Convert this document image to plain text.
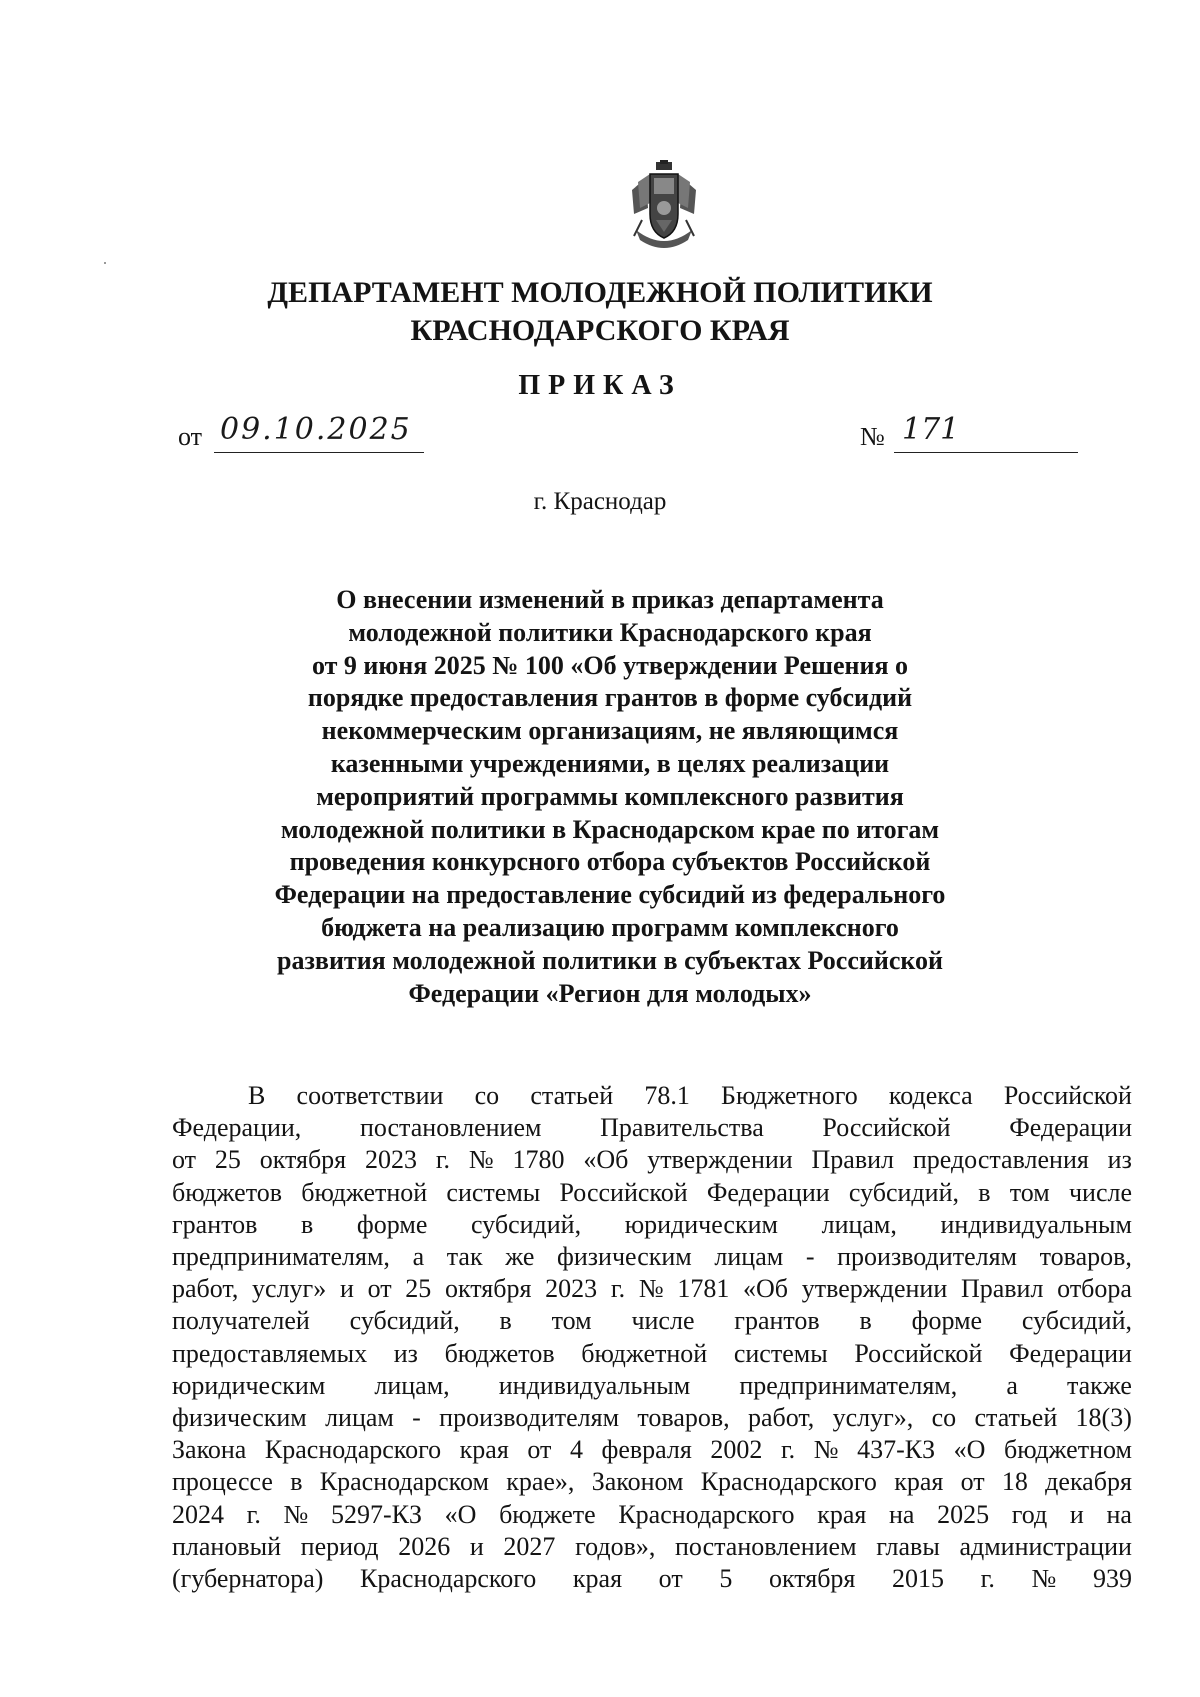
ДЕПАРТАМЕНТ МОЛОДЕЖНОЙ ПОЛИТИКИ
КРАСНОДАРСКОГО КРАЯ
ПРИКАЗ
от 09.10.2025	№ 171
г. Краснодар
О внесении изменений в приказ департамента
молодежной политики Краснодарского края
от 9 июня 2025 № 100 «Об утверждении Решения о
порядке предоставления грантов в форме субсидий
некоммерческим организациям, не являющимся
казенными учреждениями, в целях реализации
мероприятий программы комплексного развития
молодежной политики в Краснодарском крае по итогам
проведения конкурсного отбора субъектов Российской
Федерации на предоставление субсидий из федерального
бюджета на реализацию программ комплексного
развития молодежной политики в субъектах Российской
Федерации «Регион для молодых»
В соответствии со статьей 78.1 Бюджетного кодекса Российской
Федерации, постановлением Правительства Российской Федерации
от 25 октября 2023 г. № 1780 «Об утверждении Правил предоставления из
бюджетов бюджетной системы Российской Федерации субсидий, в том числе
грантов в форме субсидий, юридическим лицам, индивидуальным
предпринимателям, а так же физическим лицам - производителям товаров,
работ, услуг» и от 25 октября 2023 г. № 1781 «Об утверждении Правил отбора
получателей субсидий, в том числе грантов в форме субсидий,
предоставляемых из бюджетов бюджетной системы Российской Федерации
юридическим лицам, индивидуальным предпринимателям, а также
физическим лицам - производителям товаров, работ, услуг», со статьей 18(3)
Закона Краснодарского края от 4 февраля 2002 г. № 437-КЗ «О бюджетном
процессе в Краснодарском крае», Законом Краснодарского края от 18 декабря
2024 г. № 5297-КЗ «О бюджете Краснодарского края на 2025 год и на
плановый период 2026 и 2027 годов», постановлением главы администрации
(губернатора) Краснодарского края от 5 октября 2015 г. № 939
